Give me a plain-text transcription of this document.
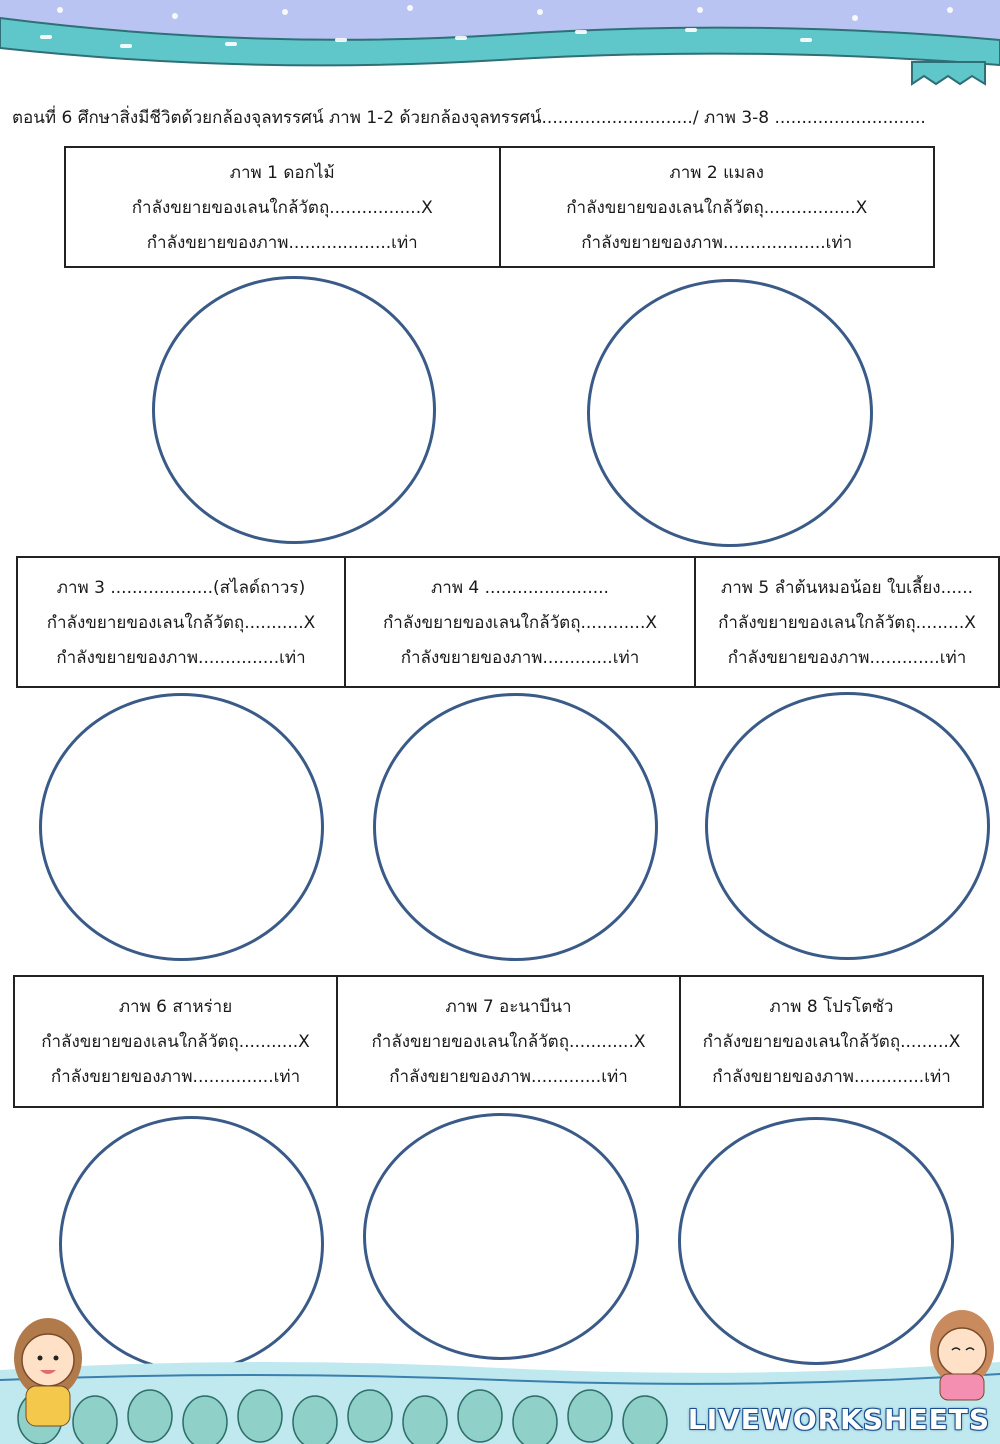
ตอนที่ 6 ศึกษาสิ่งมีชีวิตด้วยกล้องจุลทรรศน์ ภาพ 1-2 ด้วยกล้องจุลทรรศน์............................/ ภาพ 3-8 ............................
ภาพ 1 ดอกไม้
กำลังขยายของเลนใกล้วัตถุ.................X
กำลังขยายของภาพ...................เท่า
ภาพ 2 แมลง
กำลังขยายของเลนใกล้วัตถุ.................X
กำลังขยายของภาพ...................เท่า
ภาพ 3 ...................(สไลด์ถาวร)
กำลังขยายของเลนใกล้วัตถุ...........X
กำลังขยายของภาพ...............เท่า
ภาพ 4 .......................
กำลังขยายของเลนใกล้วัตถุ............X
กำลังขยายของภาพ.............เท่า
ภาพ 5 ลำต้นหมอน้อย ใบเลี้ยง......
กำลังขยายของเลนใกล้วัตถุ.........X
กำลังขยายของภาพ.............เท่า
ภาพ 6 สาหร่าย
กำลังขยายของเลนใกล้วัตถุ...........X
กำลังขยายของภาพ...............เท่า
ภาพ 7 อะนาบีนา
กำลังขยายของเลนใกล้วัตถุ............X
กำลังขยายของภาพ.............เท่า
ภาพ 8 โปรโตซัว
กำลังขยายของเลนใกล้วัตถุ.........X
กำลังขยายของภาพ.............เท่า
LIVEWORKSHEETS
